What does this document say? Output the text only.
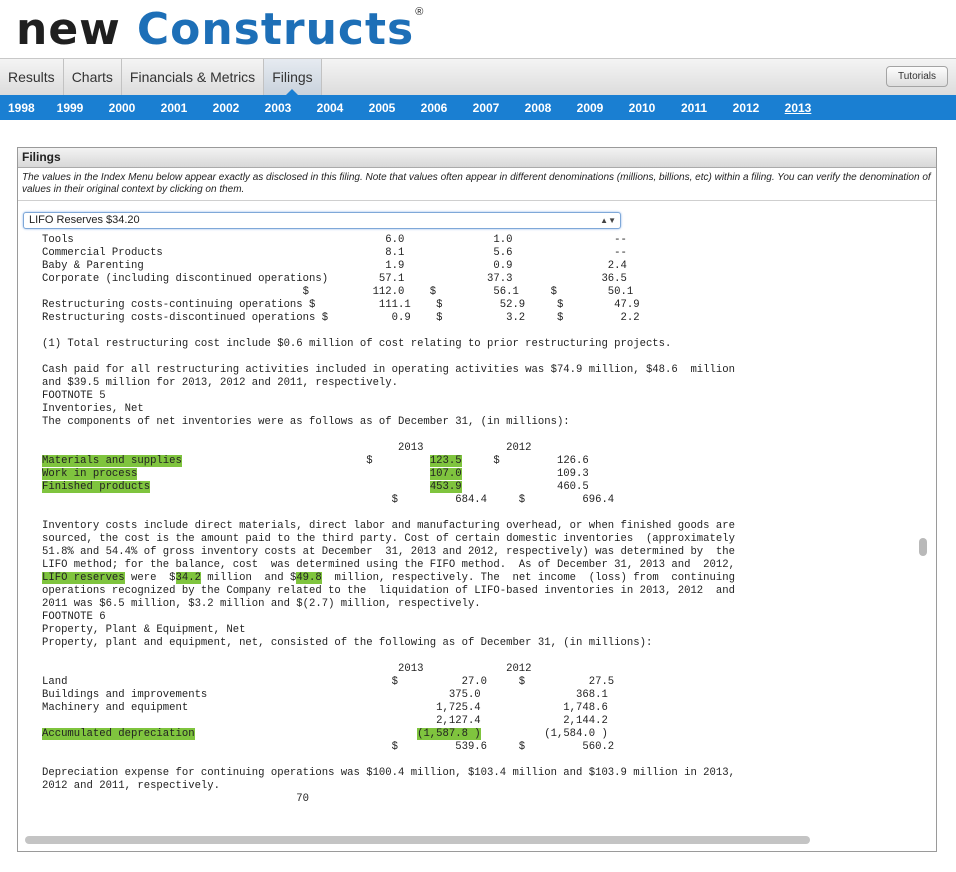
new Constructs ®
Results	Charts	Financials & Metrics	Filings	Tutorials
1998	1999	2000	2001	2002	2003	2004	2005	2006	2007	2008	2009	2010	2011	2012	2013
Filings
The values in the Index Menu below appear exactly as disclosed in this filing. Note that values often appear in different denominations (millions, billions, etc) within a filing. You can verify the denomination of values in their original context by clicking on them.
LIFO Reserves $34.20	▲▼
Tools                                                 6.0              1.0                --
Commercial Products                                   8.1              5.6                --
Baby & Parenting                                      1.9              0.9               2.4
Corporate (including discontinued operations)        57.1             37.3              36.5
$          112.0    $         56.1     $        50.1
Restructuring costs-continuing operations $          111.1    $         52.9     $        47.9
Restructuring costs-discontinued operations $          0.9    $          3.2     $         2.2

(1) Total restructuring cost include $0.6 million of cost relating to prior restructuring projects.

Cash paid for all restructuring activities included in operating activities was $74.9 million, $48.6  million
and $39.5 million for 2013, 2012 and 2011, respectively.
FOOTNOTE 5
Inventories, Net
The components of net inventories were as follows as of December 31, (in millions):

2013             2012
Materials and supplies                             $         123.5     $         126.6
Work in process	107.0               109.3
Finished products	453.9               460.5
$         684.4     $         696.4

Inventory costs include direct materials, direct labor and manufacturing overhead, or when finished goods are
sourced, the cost is the amount paid to the third party. Cost of certain domestic inventories  (approximately
51.8% and 54.4% of gross inventory costs at December  31, 2013 and 2012, respectively) was determined by  the
LIFO method; for the balance, cost  was determined using the FIFO method.  As of December 31, 2013 and  2012,
LIFO reserves were  $34.2 million  and $49.8  million, respectively. The  net income  (loss) from  continuing
operations recognized by the Company related to the  liquidation of LIFO-based inventories in 2013, 2012  and
2011 was $6.5 million, $3.2 million and $(2.7) million, respectively.
FOOTNOTE 6
Property, Plant & Equipment, Net
Property, plant and equipment, net, consisted of the following as of December 31, (in millions):

2013             2012
Land                                                   $          27.0     $          27.5
Buildings and improvements                                      375.0               368.1
Machinery and equipment                                       1,725.4             1,748.6
2,127.4             2,144.2
Accumulated depreciation	(1,587.8 )          (1,584.0 )
$         539.6     $         560.2

Depreciation expense for continuing operations was $100.4 million, $103.4 million and $103.9 million in 2013,
2012 and 2011, respectively.
70
